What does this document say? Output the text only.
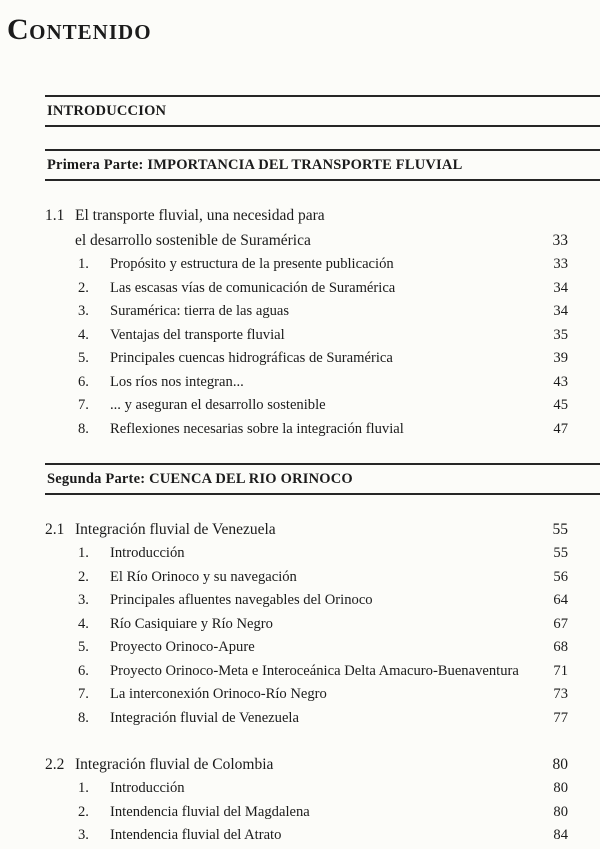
CONTENIDO
INTRODUCCION
Primera Parte: IMPORTANCIA DEL TRANSPORTE FLUVIAL
1.1 El transporte fluvial, una necesidad para
el desarrollo sostenible de Suramérica	33
1.	Propósito y estructura de la presente publicación	33
2.	Las escasas vías de comunicación de Suramérica	34
3.	Suramérica: tierra de las aguas	34
4.	Ventajas del transporte fluvial	35
5.	Principales cuencas hidrográficas de Suramérica	39
6.	Los ríos nos integran...	43
7.	... y aseguran el desarrollo sostenible	45
8.	Reflexiones necesarias sobre la integración fluvial	47
Segunda Parte: CUENCA DEL RIO ORINOCO
2.1 Integración fluvial de Venezuela	55
1.	Introducción	55
2.	El Río Orinoco y su navegación	56
3.	Principales afluentes navegables del Orinoco	64
4.	Río Casiquiare y Río Negro	67
5.	Proyecto Orinoco-Apure	68
6.	Proyecto Orinoco-Meta e Interoceánica Delta Amacuro-Buenaventura	71
7.	La interconexión Orinoco-Río Negro	73
8.	Integración fluvial de Venezuela	77
2.2 Integración fluvial de Colombia	80
1.	Introducción	80
2.	Intendencia fluvial del Magdalena	80
3.	Intendencia fluvial del Atrato	84
